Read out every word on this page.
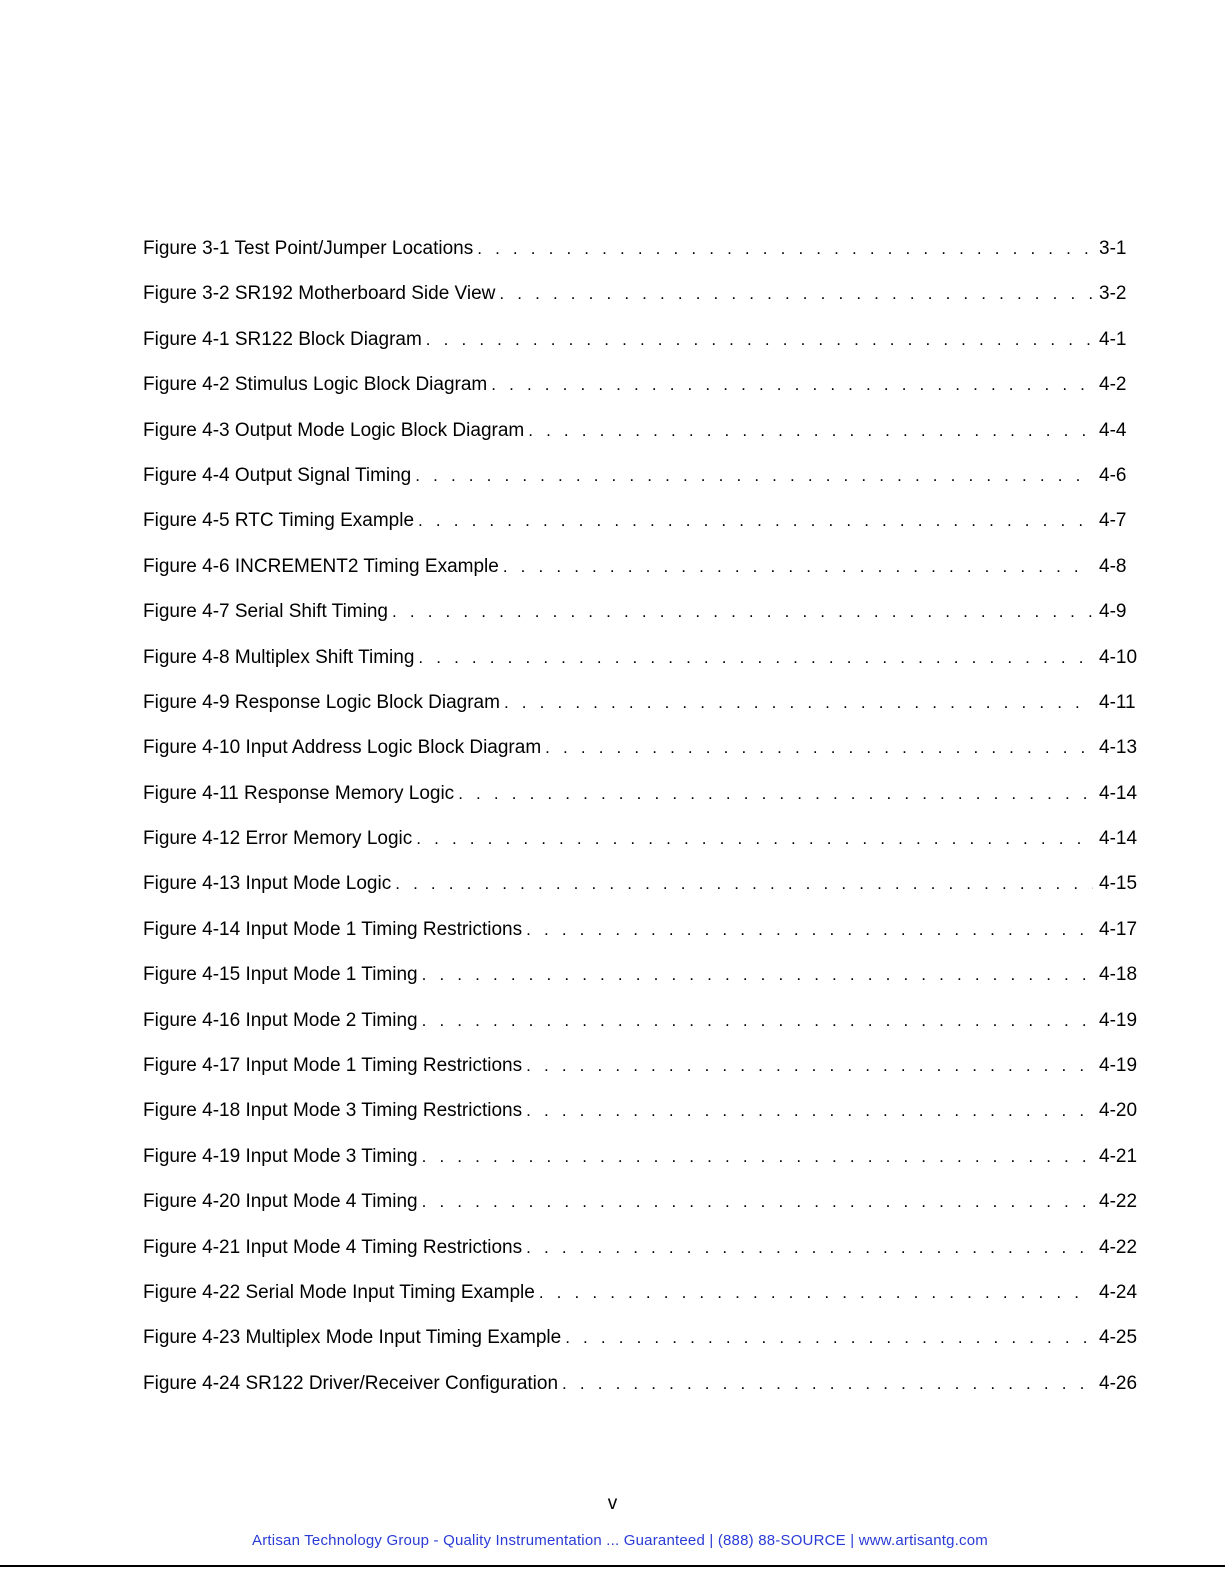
Figure 3-1 Test Point/Jumper Locations . . .	3-1
Figure 3-2 SR192 Motherboard Side View . . .	3-2
Figure 4-1 SR122 Block Diagram . . .	4-1
Figure 4-2 Stimulus Logic Block Diagram . . .	4-2
Figure 4-3 Output Mode Logic Block Diagram . . .	4-4
Figure 4-4 Output Signal Timing . . .	4-6
Figure 4-5 RTC Timing Example . . .	4-7
Figure 4-6 INCREMENT2 Timing Example . . .	4-8
Figure 4-7 Serial Shift Timing . . .	4-9
Figure 4-8 Multiplex Shift Timing . . .	4-10
Figure 4-9 Response Logic Block Diagram . . .	4-11
Figure 4-10 Input Address Logic Block Diagram . . .	4-13
Figure 4-11 Response Memory Logic . . .	4-14
Figure 4-12 Error Memory Logic . . .	4-14
Figure 4-13 Input Mode Logic . . .	4-15
Figure 4-14 Input Mode 1 Timing Restrictions . . .	4-17
Figure 4-15 Input Mode 1 Timing . . .	4-18
Figure 4-16 Input Mode 2 Timing . . .	4-19
Figure 4-17 Input Mode 1 Timing Restrictions . . .	4-19
Figure 4-18 Input Mode 3 Timing Restrictions . . .	4-20
Figure 4-19 Input Mode 3 Timing . . .	4-21
Figure 4-20 Input Mode 4 Timing . . .	4-22
Figure 4-21 Input Mode 4 Timing Restrictions . . .	4-22
Figure 4-22 Serial Mode Input Timing Example . . .	4-24
Figure 4-23 Multiplex Mode Input Timing Example . . .	4-25
Figure 4-24 SR122 Driver/Receiver Configuration . . .	4-26
v
Artisan Technology Group - Quality Instrumentation ... Guaranteed | (888) 88-SOURCE | www.artisantg.com
